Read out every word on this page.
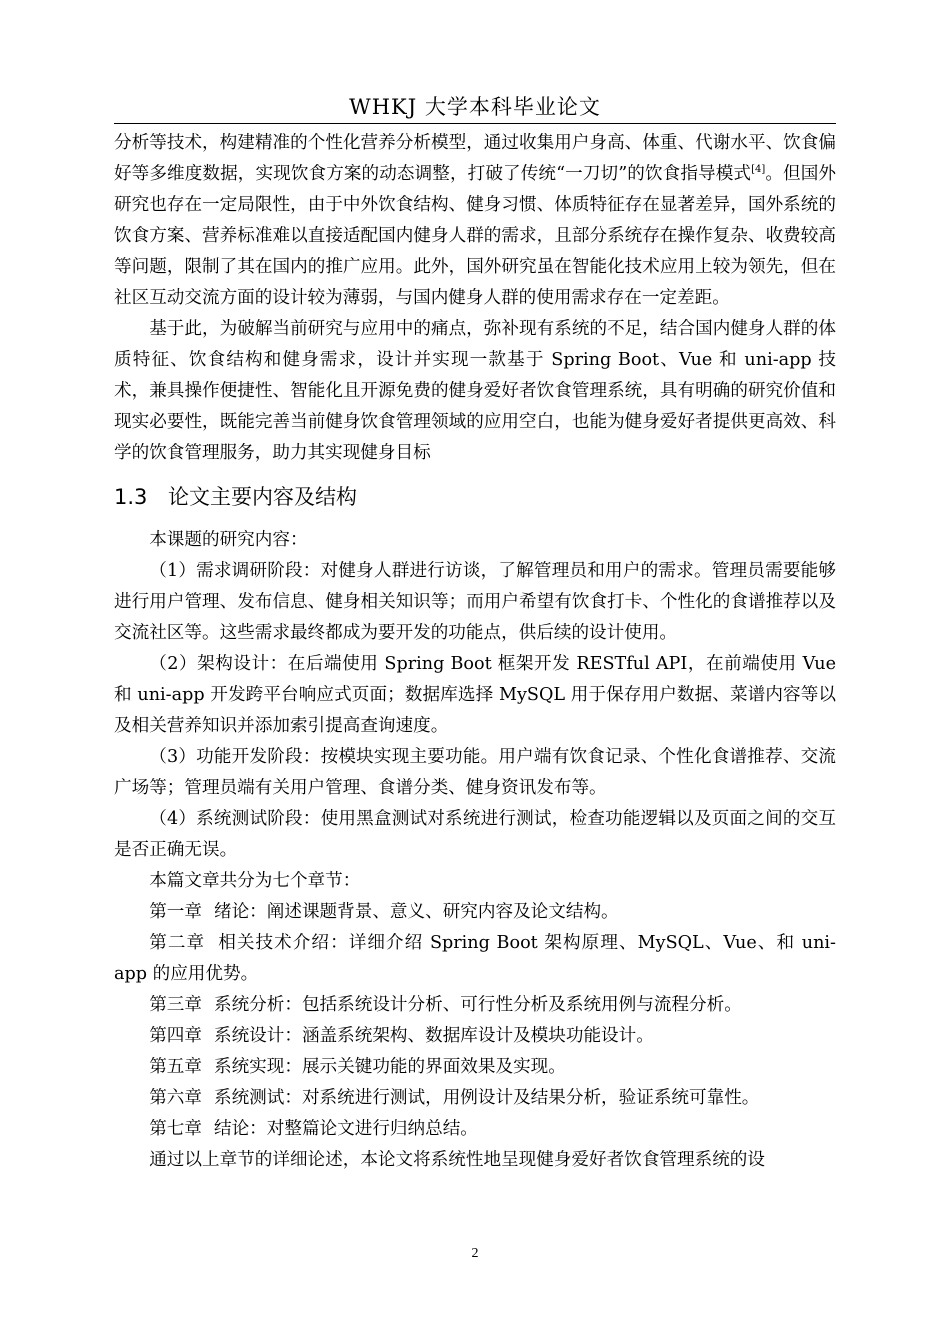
WHKJ 大学本科毕业论文

分析等技术，构建精准的个性化营养分析模型，通过收集用户身高、体重、代谢水平、饮食偏好等多维度数据，实现饮食方案的动态调整，打破了传统“一刀切”的饮食指导模式[4]。但国外研究也存在一定局限性，由于中外饮食结构、健身习惯、体质特征存在显著差异，国外系统的饮食方案、营养标准难以直接适配国内健身人群的需求，且部分系统存在操作复杂、收费较高等问题，限制了其在国内的推广应用。此外，国外研究虽在智能化技术应用上较为领先，但在社区互动交流方面的设计较为薄弱，与国内健身人群的使用需求存在一定差距。

基于此，为破解当前研究与应用中的痛点，弥补现有系统的不足，结合国内健身人群的体质特征、饮食结构和健身需求，设计并实现一款基于 Spring Boot、Vue 和 uni-app 技术，兼具操作便捷性、智能化且开源免费的健身爱好者饮食管理系统，具有明确的研究价值和现实必要性，既能完善当前健身饮食管理领域的应用空白，也能为健身爱好者提供更高效、科学的饮食管理服务，助力其实现健身目标

1.3 论文主要内容及结构

本课题的研究内容：

（1）需求调研阶段：对健身人群进行访谈，了解管理员和用户的需求。管理员需要能够进行用户管理、发布信息、健身相关知识等；而用户希望有饮食打卡、个性化的食谱推荐以及交流社区等。这些需求最终都成为要开发的功能点，供后续的设计使用。

（2）架构设计：在后端使用 Spring Boot 框架开发 RESTful API，在前端使用 Vue 和 uni-app 开发跨平台响应式页面；数据库选择 MySQL 用于保存用户数据、菜谱内容等以及相关营养知识并添加索引提高查询速度。

（3）功能开发阶段：按模块实现主要功能。用户端有饮食记录、个性化食谱推荐、交流广场等；管理员端有关用户管理、食谱分类、健身资讯发布等。

（4）系统测试阶段：使用黑盒测试对系统进行测试，检查功能逻辑以及页面之间的交互是否正确无误。

本篇文章共分为七个章节：

第一章 绪论：阐述课题背景、意义、研究内容及论文结构。

第二章 相关技术介绍：详细介绍 Spring Boot 架构原理、MySQL、Vue、和 uni-app 的应用优势。

第三章 系统分析：包括系统设计分析、可行性分析及系统用例与流程分析。

第四章 系统设计：涵盖系统架构、数据库设计及模块功能设计。

第五章 系统实现：展示关键功能的界面效果及实现。

第六章 系统测试：对系统进行测试，用例设计及结果分析，验证系统可靠性。

第七章 结论：对整篇论文进行归纳总结。

通过以上章节的详细论述，本论文将系统性地呈现健身爱好者饮食管理系统的设

2
